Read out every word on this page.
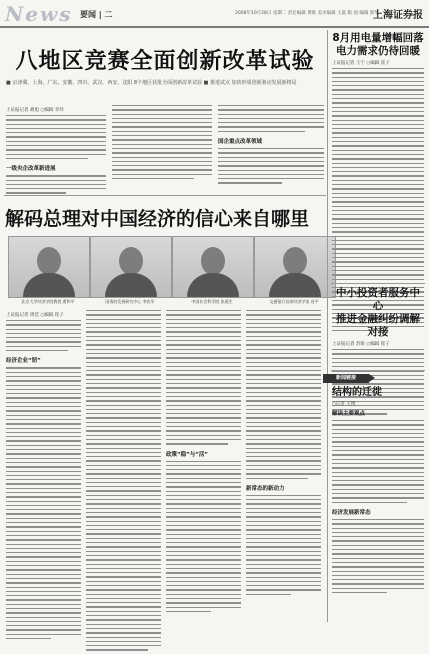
News 要闻 | 二	2008年10月28日 星期二 责任编辑 黄耿 美术编辑 王震 版 面 编辑 郭华
上海证券报
八地区竞赛全面创新改革试验
■ 京津冀、上海、广东、安徽、四川、武汉、西安、沈阳 8个地区获批全面创新改革试验 ■ 推进试点 加快形成创新驱动发展新格局
上证报记者 胡旭 ○编辑 李玲
一级央企改革新进展
国企重点改革领域
解码总理对中国经济的信心来自哪里
北京大学经济学院教授 曹和平	国务院发展研究中心 李佐军	中国社会科学院 张燕生	交通银行首席经济学家 连平
上证报记者 周佳 ○编辑 崔子
经济企业“韧”
政策“稳”与“活”
新常态的新动力
8月用电量增幅回落
电力需求仍待回暖
上证报记者 王宁 ○编辑 崔子
中小投资者服务中心
推进金融纠纷调解对接
上证报记者 苏锐 ○编辑 崔子
新闻链接
结构的迁徙
○记者 王博
解读主要观点
经济发展新常态
